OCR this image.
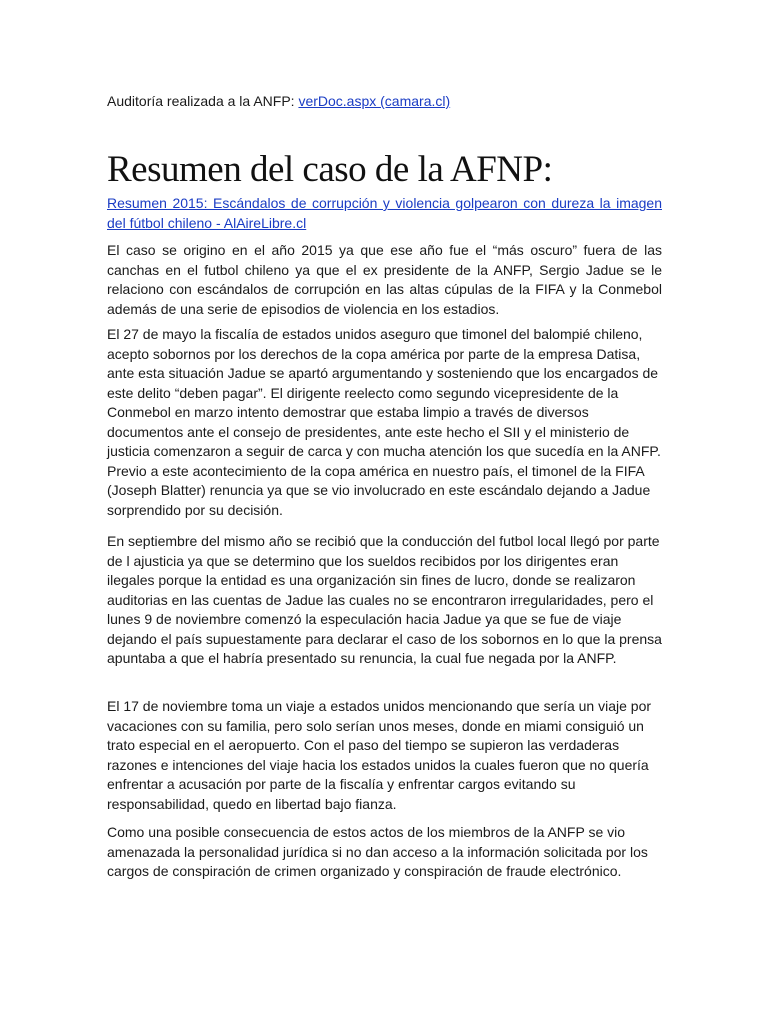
Auditoría realizada a la ANFP: verDoc.aspx (camara.cl)
Resumen del caso de la AFNP:
Resumen 2015: Escándalos de corrupción y violencia golpearon con dureza la imagen del fútbol chileno - AlAireLibre.cl

El caso se origino en el año 2015 ya que ese año fue el “más oscuro” fuera de las canchas en el futbol chileno ya que el ex presidente de la ANFP, Sergio Jadue se le relaciono con escándalos de corrupción en las altas cúpulas de la FIFA y la Conmebol además de una serie de episodios de violencia en los estadios.

El 27 de mayo la fiscalía de estados unidos aseguro que timonel del balompié chileno, acepto sobornos por los derechos de la copa américa por parte de la empresa Datisa, ante esta situación Jadue se apartó argumentando y sosteniendo que los encargados de este delito “deben pagar”. El dirigente reelecto como segundo vicepresidente de la Conmebol en marzo intento demostrar que estaba limpio a través de diversos documentos ante el consejo de presidentes, ante este hecho el SII y el ministerio de justicia comenzaron a seguir de carca y con mucha atención los que sucedía en la ANFP. Previo a este acontecimiento de la copa américa en nuestro país, el timonel de la FIFA (Joseph Blatter) renuncia ya que se vio involucrado en este escándalo dejando a Jadue sorprendido por su decisión.

En septiembre del mismo año se recibió que la conducción del futbol local llegó por parte de l ajusticia ya que se determino que los sueldos recibidos por los dirigentes eran ilegales porque la entidad es una organización sin fines de lucro, donde se realizaron auditorias en las cuentas de Jadue las cuales no se encontraron irregularidades, pero el lunes 9 de noviembre comenzó la especulación hacia Jadue ya que se fue de viaje dejando el país supuestamente para declarar el caso de los sobornos en lo que la prensa apuntaba a que el habría presentado su renuncia, la cual fue negada por la ANFP.

El 17 de noviembre toma un viaje a estados unidos mencionando que sería un viaje por vacaciones con su familia, pero solo serían unos meses, donde en miami consiguió un trato especial en el aeropuerto. Con el paso del tiempo se supieron las verdaderas razones e intenciones del viaje hacia los estados unidos la cuales fueron que no quería enfrentar a acusación por parte de la fiscalía y enfrentar cargos evitando su responsabilidad, quedo en libertad bajo fianza.

Como una posible consecuencia de estos actos de los miembros de la ANFP se vio amenazada la personalidad jurídica si no dan acceso a la información solicitada por los cargos de conspiración de crimen organizado y conspiración de fraude electrónico.
